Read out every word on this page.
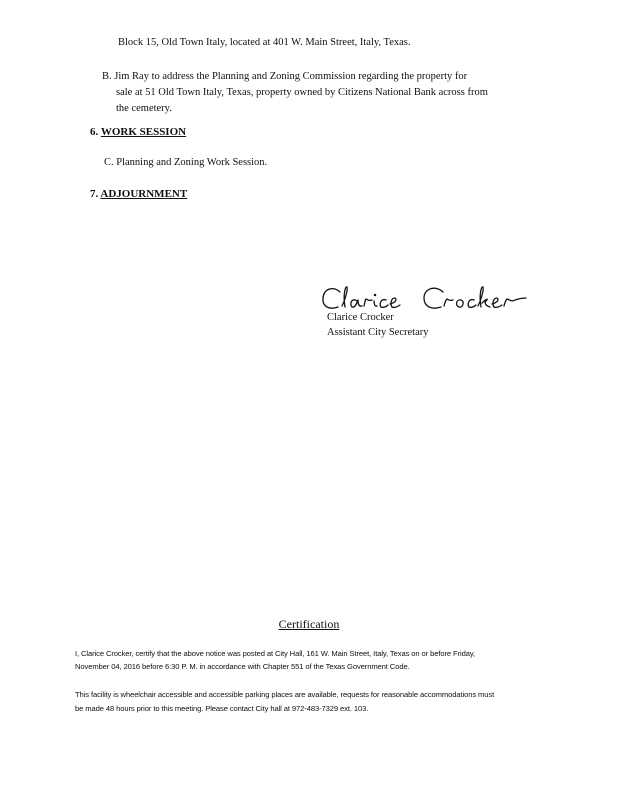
Block 15, Old Town Italy, located at 401 W. Main Street, Italy, Texas.
B. Jim Ray to address the Planning and Zoning Commission regarding the property for
sale at 51 Old Town Italy, Texas, property owned by Citizens National Bank across from
the cemetery.
6. WORK SESSION
C. Planning and Zoning Work Session.
7. ADJOURNMENT
Clarice Crocker
Assistant City Secretary
Certification
I, Clarice Crocker, certify that the above notice was posted at City Hall, 161 W. Main Street, Italy, Texas on or before Friday,
November 04, 2016 before 6:30 P. M. in accordance with Chapter 551 of the Texas Government Code.
This facility is wheelchair accessible and accessible parking places are available, requests for reasonable accommodations must
be made 48 hours prior to this meeting. Please contact City hall at 972-483-7329 ext. 103.
